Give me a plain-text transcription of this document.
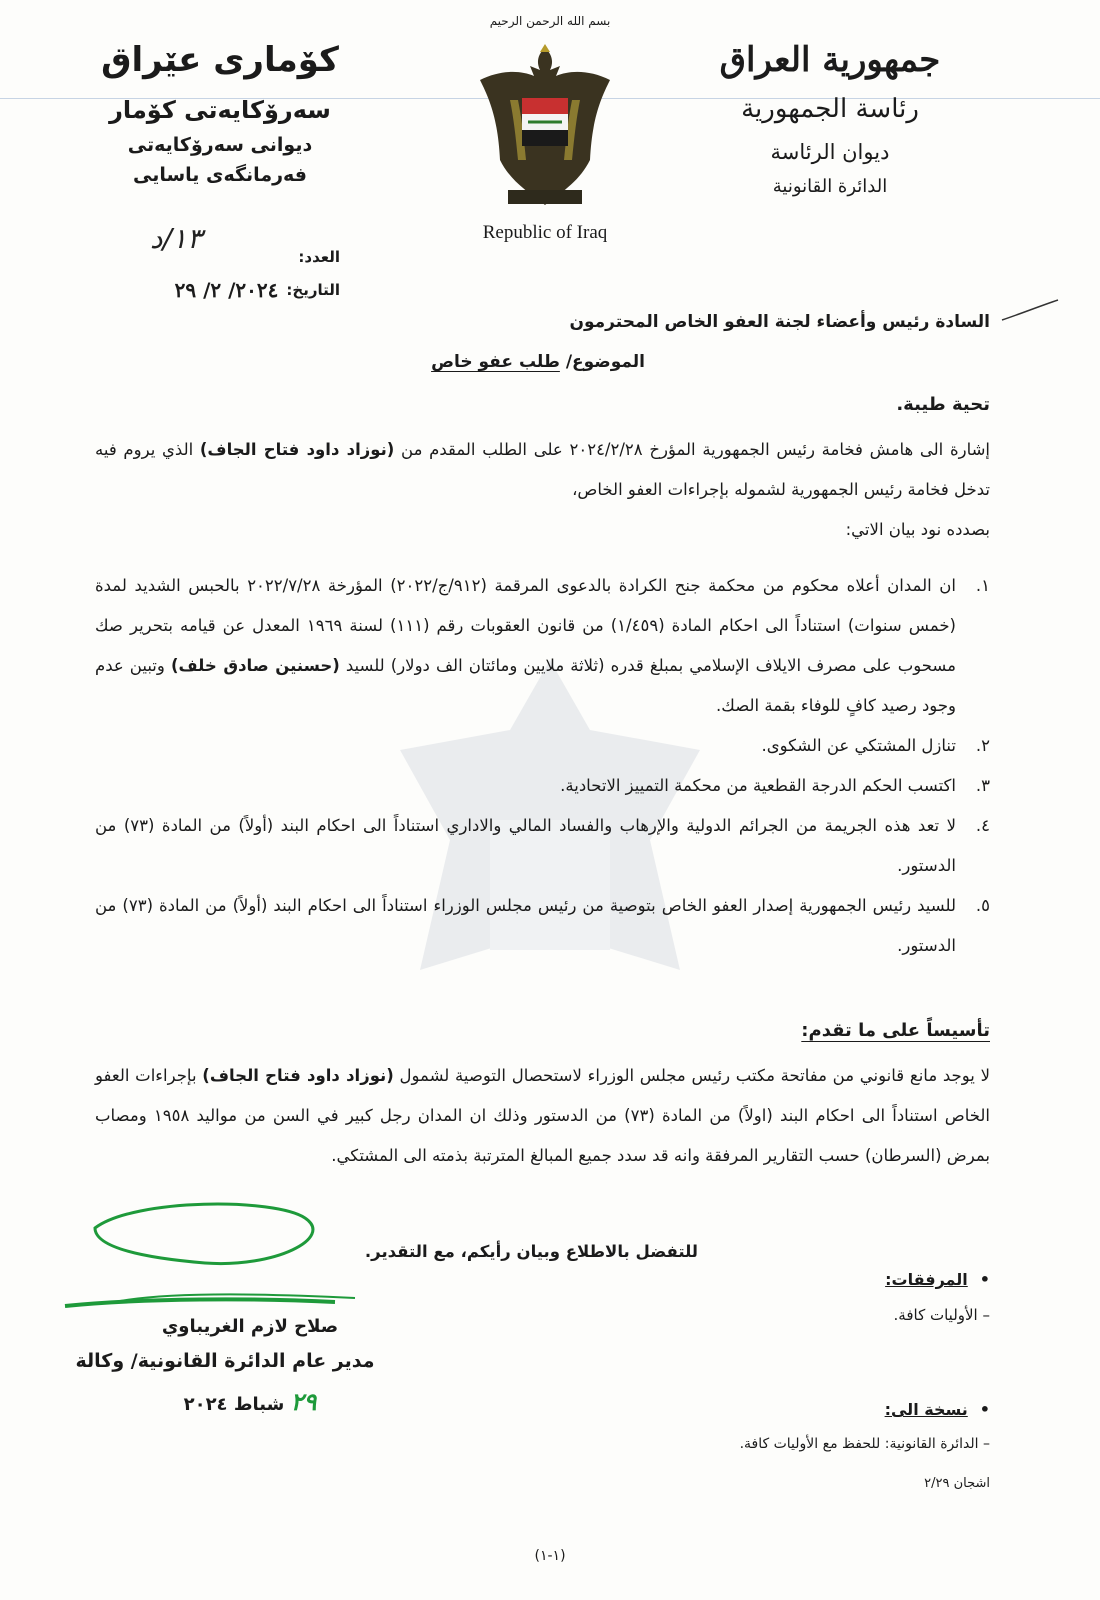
بسم الله الرحمن الرحيم
جمهورية العراق
رئاسة الجمهورية
ديوان الرئاسة
الدائرة القانونية
كۆمارى عێراق
سەرۆكایەتی كۆمار
دیوانی سەرۆكایەتی
فەرمانگەی یاسایی
Republic of Iraq
١٣/د
العدد:
التاريخ:
٢٠٢٤/ ٢/ ٢٩
السادة رئيس وأعضاء لجنة العفو الخاص المحترمون
الموضوع/ طلب عفو خاص
تحية طيبة.
إشارة الى هامش فخامة رئيس الجمهورية المؤرخ ٢٠٢٤/٢/٢٨ على الطلب المقدم من (نوزاد داود فتاح الجاف) الذي يروم فيه تدخل فخامة رئيس الجمهورية لشموله بإجراءات العفو الخاص،
بصدده نود بيان الاتي:
١.
ان المدان أعلاه محكوم من محكمة جنح الكرادة بالدعوى المرقمة (٩١٢/ج/٢٠٢٢) المؤرخة ٢٠٢٢/٧/٢٨ بالحبس الشديد لمدة (خمس سنوات) استناداً الى احكام المادة (١/٤٥٩) من قانون العقوبات رقم (١١١) لسنة ١٩٦٩ المعدل عن قيامه بتحرير صك مسحوب على مصرف الايلاف الإسلامي بمبلغ قدره (ثلاثة ملايين ومائتان الف دولار) للسيد (حسنين صادق خلف) وتبين عدم وجود رصيد كافٍ للوفاء بقمة الصك.
٢.
تنازل المشتكي عن الشكوى.
٣.
اكتسب الحكم الدرجة القطعية من محكمة التمييز الاتحادية.
٤.
لا تعد هذه الجريمة من الجرائم الدولية والإرهاب والفساد المالي والاداري استناداً الى احكام البند (أولاً) من المادة (٧٣) من الدستور.
٥.
للسيد رئيس الجمهورية إصدار العفو الخاص بتوصية من رئيس مجلس الوزراء استناداً الى احكام البند (أولاً) من المادة (٧٣) من الدستور.
تأسيساً على ما تقدم:
لا يوجد مانع قانوني من مفاتحة مكتب رئيس مجلس الوزراء لاستحصال التوصية لشمول (نوزاد داود فتاح الجاف) بإجراءات العفو الخاص استناداً الى احكام البند (اولاً) من المادة (٧٣) من الدستور وذلك ان المدان رجل كبير في السن من مواليد ١٩٥٨ ومصاب بمرض (السرطان) حسب التقارير المرفقة وانه قد سدد جميع المبالغ المترتبة بذمته الى المشتكي.
للتفضل بالاطلاع وبيان رأيكم، مع التقدير.
• المرفقات:
– الأوليات كافة.
• نسخة الى:
– الدائرة القانونية: للحفظ مع الأوليات كافة.
اشجان ٢/٢٩
صلاح لازم الغريباوي
مدير عام الدائرة القانونية/ وكالة
٢٩ شباط ٢٠٢٤
(١-١)
